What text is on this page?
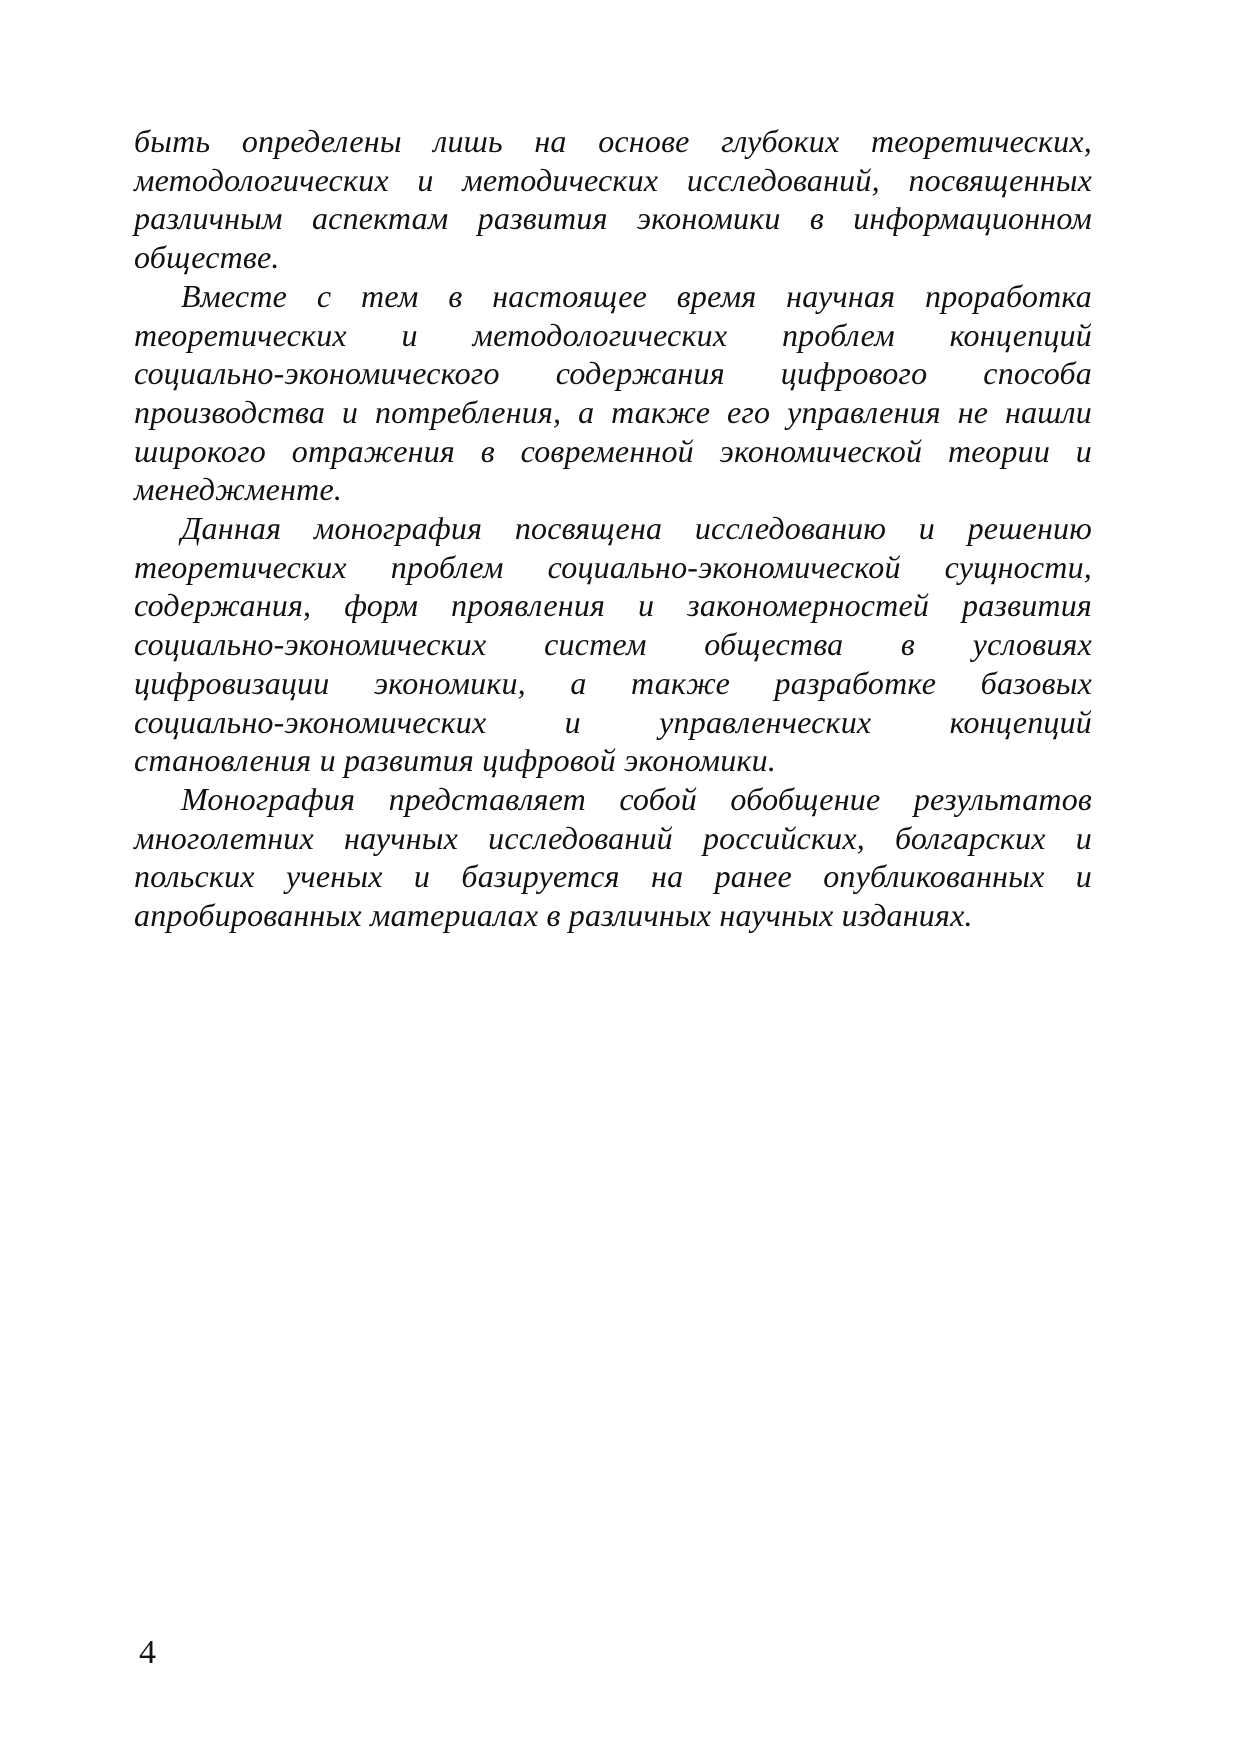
быть определены лишь на основе глубоких теоретических,
методологических и методических исследований, посвященных
различным аспектам развития экономики в информационном
обществе.
Вместе с тем в настоящее время научная проработка
теоретических и методологических проблем концепций
социально-экономического содержания цифрового способа
производства и потребления, а также его управления не нашли
широкого отражения в современной экономической теории и
менеджменте.
Данная монография посвящена исследованию и решению
теоретических проблем социально-экономической сущности,
содержания, форм проявления и закономерностей развития
социально-экономических систем общества в условиях
цифровизации экономики, а также разработке базовых
социально-экономических и управленческих концепций
становления и развития цифровой экономики.
Монография представляет собой обобщение результатов
многолетних научных исследований российских, болгарских и
польских ученых и базируется на ранее опубликованных и
апробированных материалах в различных научных изданиях.
4
